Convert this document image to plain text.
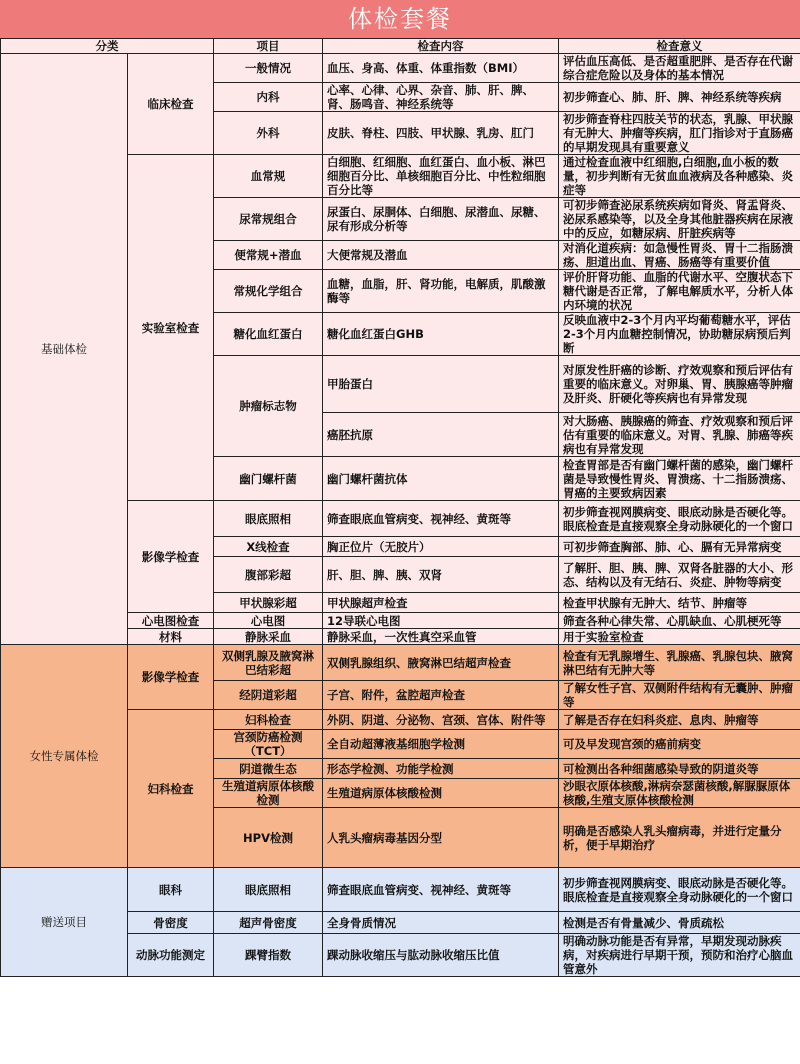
体检套餐
分类		项目	检查内容	检查意义
基础体检	临床检查	一般情况	血压、身高、体重、体重指数（BMI）	评估血压高低、是否超重肥胖、是否存在代谢综合症危险以及身体的基本情况
		内科	心率、心律、心界、杂音、肺、肝、脾、肾、肠鸣音、神经系统等	初步筛查心、肺、肝、脾、神经系统等疾病
		外科	皮肤、脊柱、四肢、甲状腺、乳房、肛门	初步筛查脊柱四肢关节的状态，乳腺、甲状腺有无肿大、肿瘤等疾病，肛门指诊对于直肠癌的早期发现具有重要意义
	实验室检查	血常规	白细胞、红细胞、血红蛋白、血小板、淋巴细胞百分比、单核细胞百分比、中性粒细胞百分比等	通过检查血液中红细胞,白细胞,血小板的数量，初步判断有无贫血血液病及各种感染、炎症等
		尿常规组合	尿蛋白、尿胴体、白细胞、尿潜血、尿糖、尿有形成分析等	可初步筛查泌尿系统疾病如肾炎、肾盂肾炎、泌尿系感染等，以及全身其他脏器疾病在尿液中的反应，如糖尿病、肝脏疾病等
		便常规+潜血	大便常规及潜血	对消化道疾病：如急慢性胃炎、胃十二指肠溃疡、胆道出血、胃癌、肠癌等有重要价值
		常规化学组合	血糖，血脂，肝、肾功能，电解质，肌酸激酶等	评价肝肾功能、血脂的代谢水平、空腹状态下糖代谢是否正常，了解电解质水平，分析人体内环境的状况
		糖化血红蛋白	糖化血红蛋白GHB	反映血液中2-3个月内平均葡萄糖水平，评估2-3个月内血糖控制情况，协助糖尿病预后判断
		肿瘤标志物	甲胎蛋白	对原发性肝癌的诊断、疗效观察和预后评估有重要的临床意义。对卵巢、胃、胰腺癌等肿瘤及肝炎、肝硬化等疾病也有异常发现
			癌胚抗原	对大肠癌、胰腺癌的筛查、疗效观察和预后评估有重要的临床意义。对胃、乳腺、肺癌等疾病也有异常发现
		幽门螺杆菌	幽门螺杆菌抗体	检查胃部是否有幽门螺杆菌的感染，幽门螺杆菌是导致慢性胃炎、胃溃疡、十二指肠溃疡、胃癌的主要致病因素
	影像学检查	眼底照相	筛查眼底血管病变、视神经、黄斑等	初步筛查视网膜病变、眼底动脉是否硬化等。眼底检查是直接观察全身动脉硬化的一个窗口
		X线检查	胸正位片（无胶片）	可初步筛查胸部、肺、心、膈有无异常病变
		腹部彩超	肝、胆、脾、胰、双肾	了解肝、胆、胰、脾、双肾各脏器的大小、形态、结构以及有无结石、炎症、肿物等病变
		甲状腺彩超	甲状腺超声检查	检查甲状腺有无肿大、结节、肿瘤等
	心电图检查	心电图	12导联心电图	筛查各种心律失常、心肌缺血、心肌梗死等
	材料	静脉采血	静脉采血，一次性真空采血管	用于实验室检查
女性专属体检	影像学检查	双侧乳腺及腋窝淋巴结彩超	双侧乳腺组织、腋窝淋巴结超声检查	检查有无乳腺增生、乳腺癌、乳腺包块、腋窝淋巴结有无肿大等
		经阴道彩超	子宫、附件，盆腔超声检查	了解女性子宫、双侧附件结构有无囊肿、肿瘤等
	妇科检查	妇科检查	外阴、阴道、分泌物、宫颈、宫体、附件等	了解是否存在妇科炎症、息肉、肿瘤等
		宫颈防癌检测（TCT）	全自动超薄液基细胞学检测	可及早发现宫颈的癌前病变
		阴道微生态	形态学检测、功能学检测	可检测出各种细菌感染导致的阴道炎等
		生殖道病原体核酸检测	生殖道病原体核酸检测	沙眼衣原体核酸,淋病奈瑟菌核酸,解脲脲原体核酸,生殖支原体核酸检测
		HPV检测	人乳头瘤病毒基因分型	明确是否感染人乳头瘤病毒，并进行定量分析，便于早期治疗
赠送项目	眼科	眼底照相	筛查眼底血管病变、视神经、黄斑等	初步筛查视网膜病变、眼底动脉是否硬化等。眼底检查是直接观察全身动脉硬化的一个窗口
	骨密度	超声骨密度	全身骨质情况	检测是否有骨量减少、骨质疏松
	动脉功能测定	踝臂指数	踝动脉收缩压与肱动脉收缩压比值	明确动脉功能是否有异常，早期发现动脉疾病，对疾病进行早期干预，预防和治疗心脑血管意外
